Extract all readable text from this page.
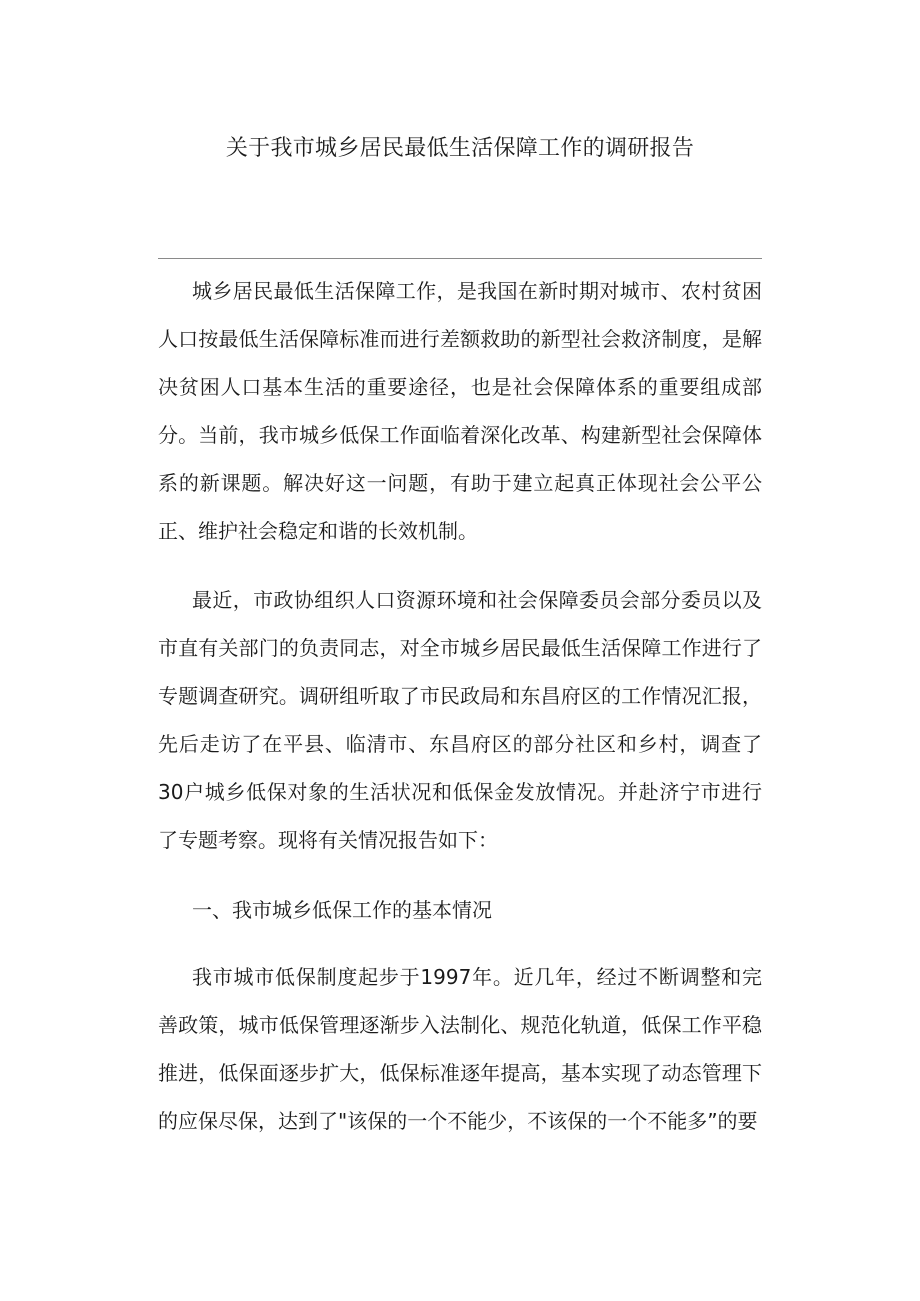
关于我市城乡居民最低生活保障工作的调研报告

城乡居民最低生活保障工作，是我国在新时期对城市、农村贫困人口按最低生活保障标准而进行差额救助的新型社会救济制度，是解决贫困人口基本生活的重要途径，也是社会保障体系的重要组成部分。当前，我市城乡低保工作面临着深化改革、构建新型社会保障体系的新课题。解决好这一问题，有助于建立起真正体现社会公平公正、维护社会稳定和谐的长效机制。

最近，市政协组织人口资源环境和社会保障委员会部分委员以及市直有关部门的负责同志，对全市城乡居民最低生活保障工作进行了专题调查研究。调研组听取了市民政局和东昌府区的工作情况汇报，先后走访了在平县、临清市、东昌府区的部分社区和乡村，调查了30户城乡低保对象的生活状况和低保金发放情况。并赴济宁市进行了专题考察。现将有关情况报告如下：

一、我市城乡低保工作的基本情况

我市城市低保制度起步于1997年。近几年，经过不断调整和完善政策，城市低保管理逐渐步入法制化、规范化轨道，低保工作平稳推进，低保面逐步扩大，低保标准逐年提高，基本实现了动态管理下的应保尽保，达到了"该保的一个不能少，不该保的一个不能多”的要
